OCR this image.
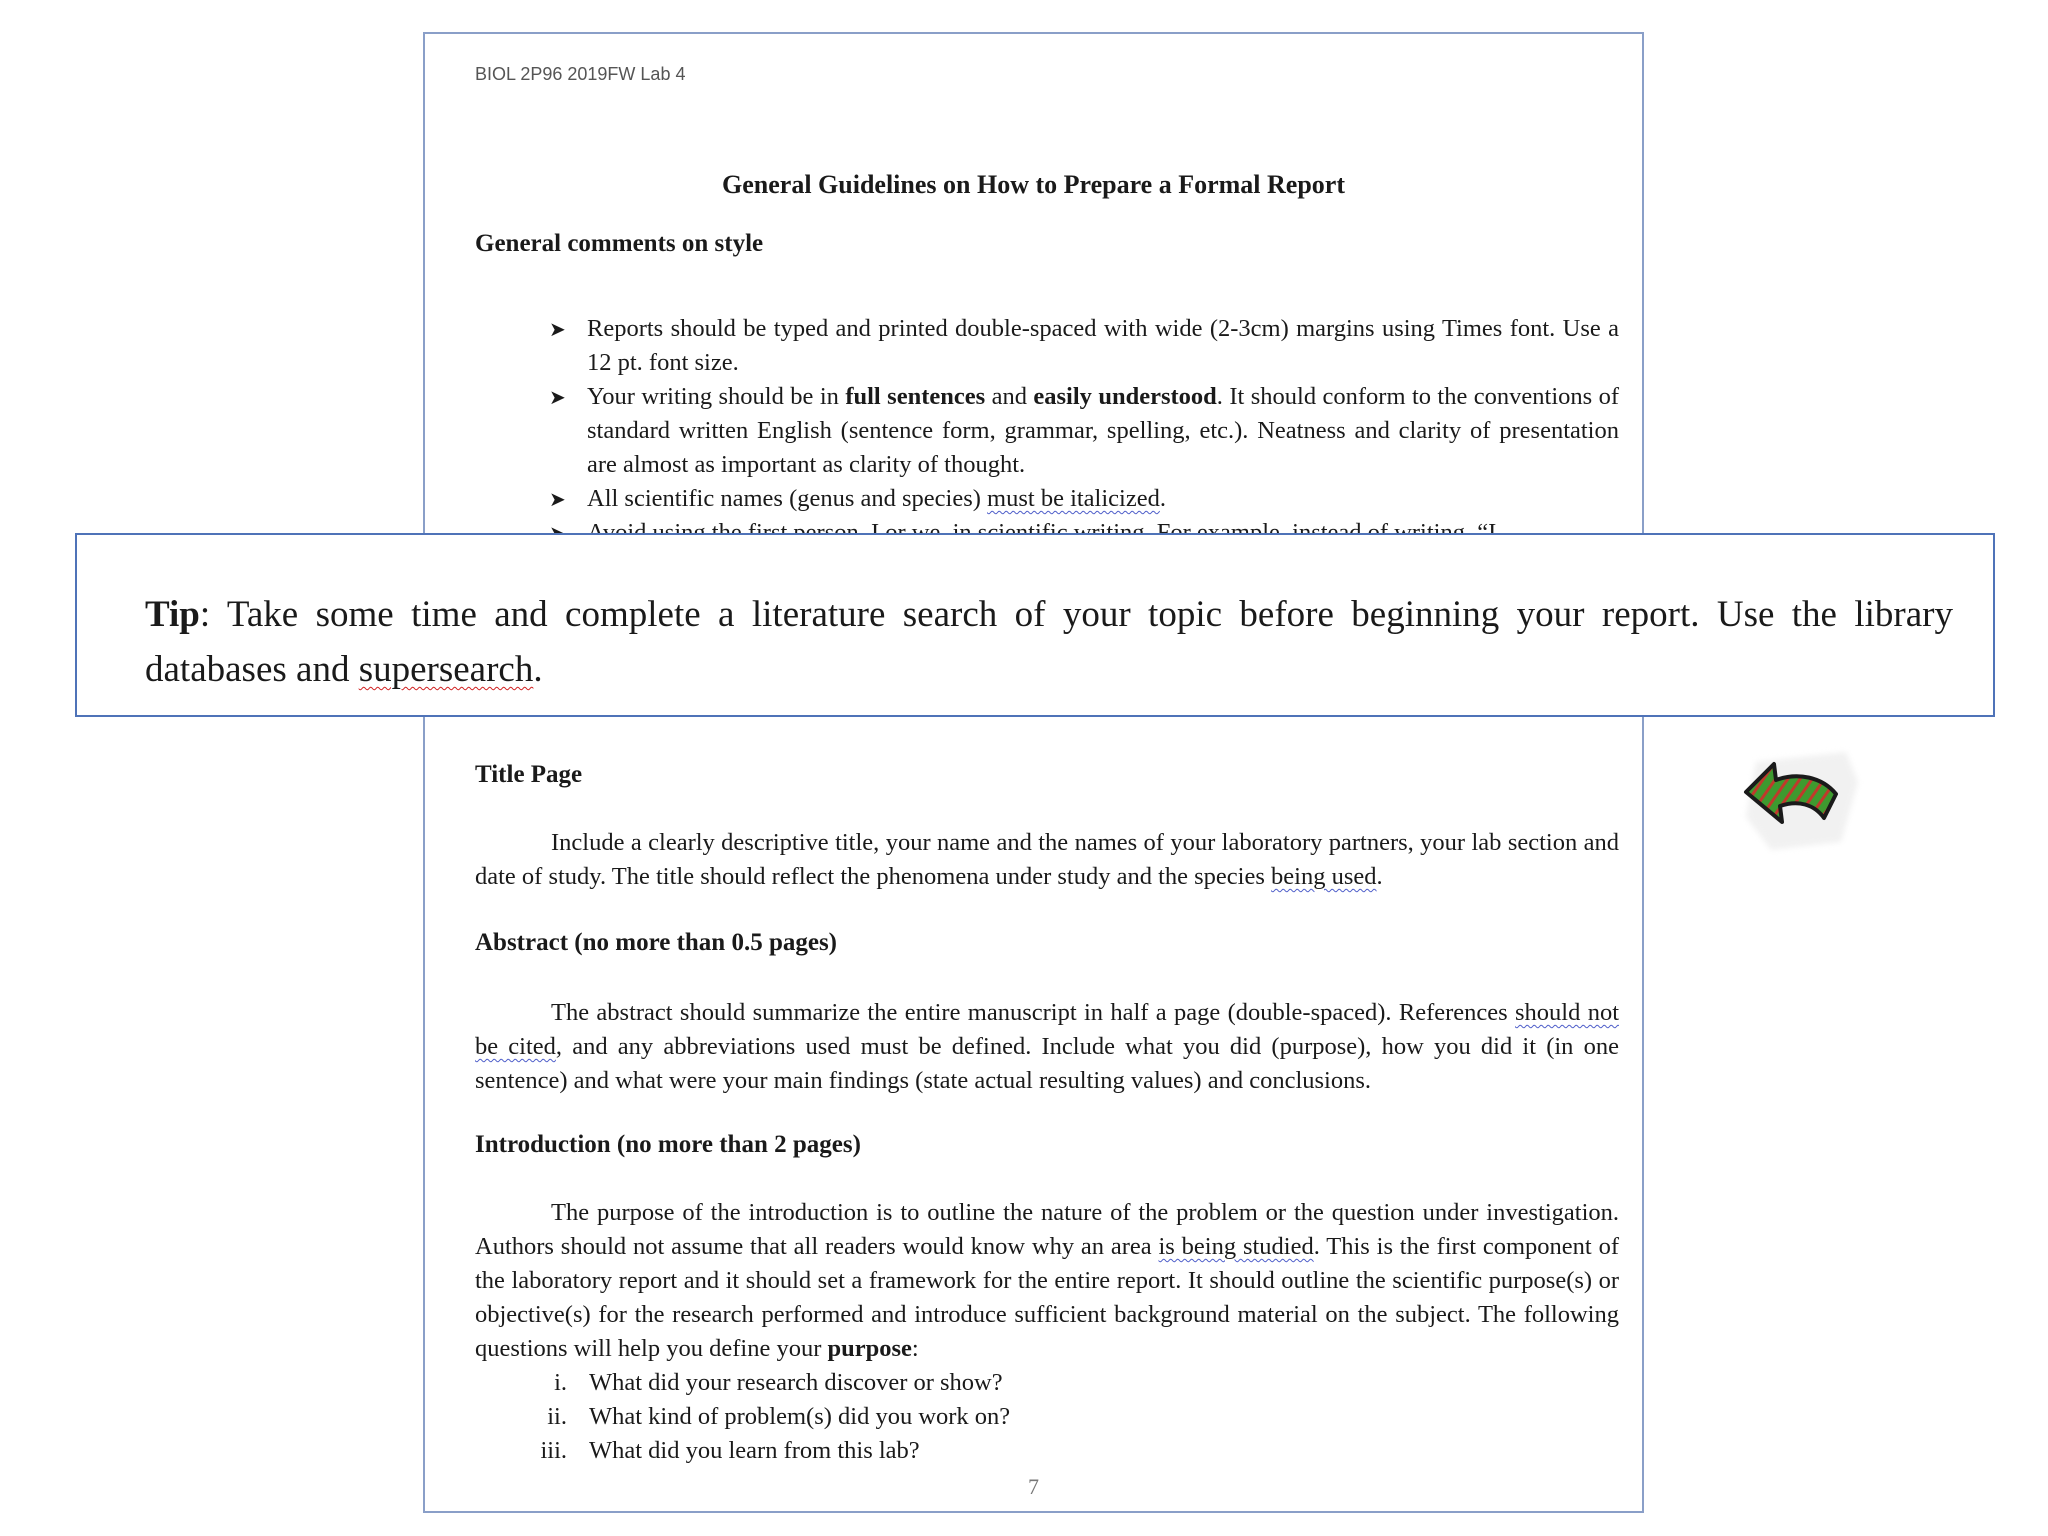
BIOL 2P96 2019FW Lab 4
General Guidelines on How to Prepare a Formal Report
General comments on style
➤ Reports should be typed and printed double-spaced with wide (2-3cm) margins using Times font. Use a 12 pt. font size.
➤ Your writing should be in full sentences and easily understood. It should conform to the conventions of standard written English (sentence form, grammar, spelling, etc.). Neatness and clarity of presentation are almost as important as clarity of thought.
➤ All scientific names (genus and species) must be italicized.
Title Page

Include a clearly descriptive title, your name and the names of your laboratory partners, your lab section and date of study. The title should reflect the phenomena under study and the species being used.

Abstract (no more than 0.5 pages)

The abstract should summarize the entire manuscript in half a page (double-spaced). References should not be cited, and any abbreviations used must be defined. Include what you did (purpose), how you did it (in one sentence) and what were your main findings (state actual resulting values) and conclusions.

Introduction (no more than 2 pages)

The purpose of the introduction is to outline the nature of the problem or the question under investigation. Authors should not assume that all readers would know why an area is being studied. This is the first component of the laboratory report and it should set a framework for the entire report. It should outline the scientific purpose(s) or objective(s) for the research performed and introduce sufficient background material on the subject. The following questions will help you define your purpose:

i. What did your research discover or show?
ii. What kind of problem(s) did you work on?
iii. What did you learn from this lab?
7
Tip: Take some time and complete a literature search of your topic before beginning your report. Use the library databases and supersearch.
